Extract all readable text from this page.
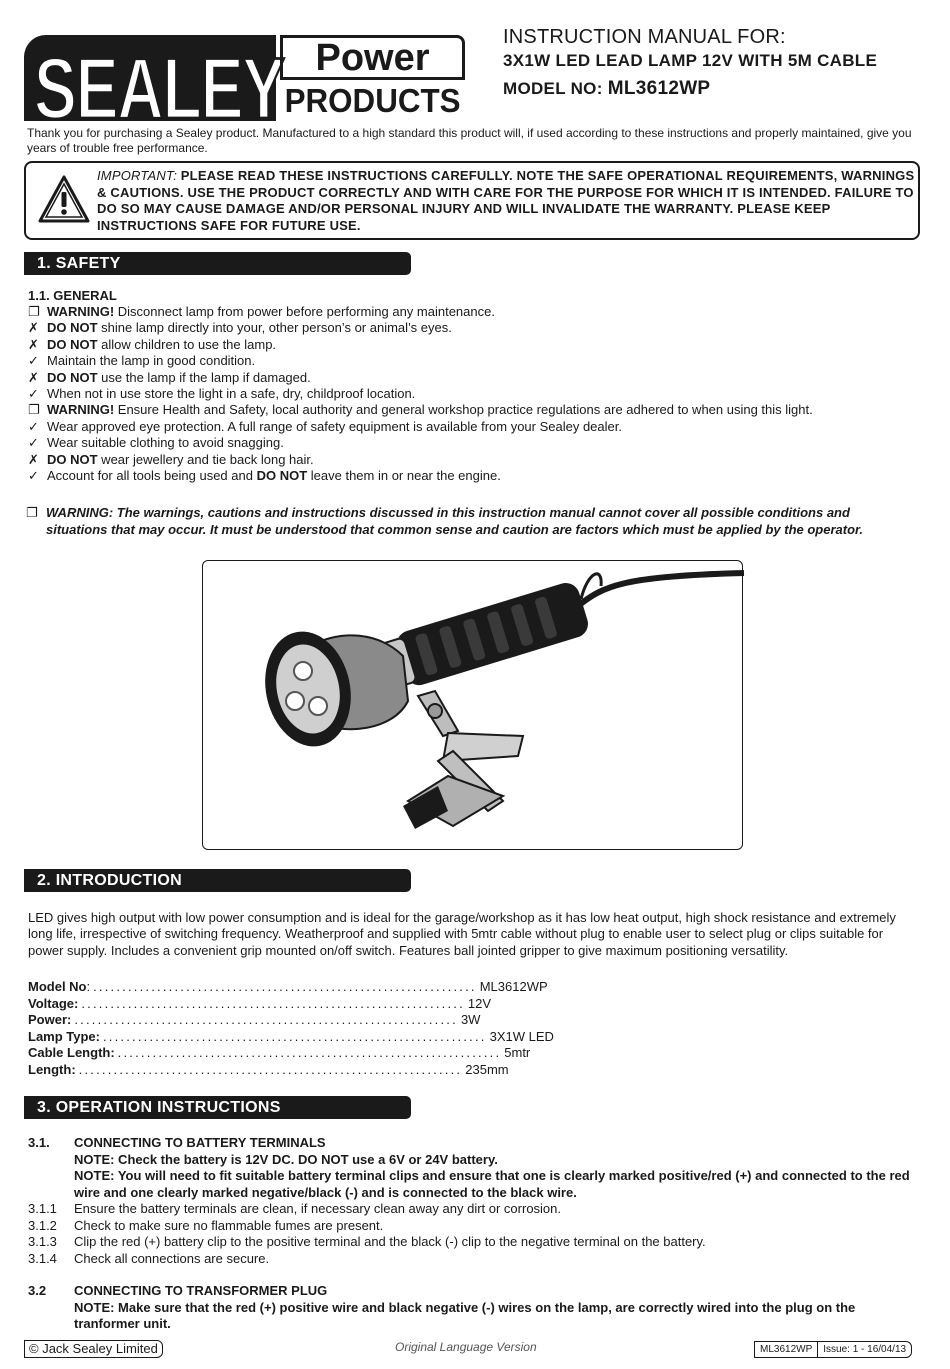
SEALEY Power
PRODUCTS
INSTRUCTION MANUAL FOR:
3X1W LED LEAD LAMP 12V WITH 5M CABLE
MODEL NO: ML3612WP
Thank you for purchasing a Sealey product. Manufactured to a high standard this product will, if used according to these instructions and properly maintained, give you years of trouble free performance.
IMPORTANT: PLEASE READ THESE INSTRUCTIONS CAREFULLY. NOTE THE SAFE OPERATIONAL REQUIREMENTS, WARNINGS & CAUTIONS. USE THE PRODUCT CORRECTLY AND WITH CARE FOR THE PURPOSE FOR WHICH IT IS INTENDED. FAILURE TO DO SO MAY CAUSE DAMAGE AND/OR PERSONAL INJURY AND WILL INVALIDATE THE WARRANTY. PLEASE KEEP INSTRUCTIONS SAFE FOR FUTURE USE.
1. SAFETY
1.1. GENERAL
❐ WARNING! Disconnect lamp from power before performing any maintenance.
✗ DO NOT shine lamp directly into your, other person’s or animal’s eyes.
✗ DO NOT allow children to use the lamp.
✓ Maintain the lamp in good condition.
✗ DO NOT use the lamp if the lamp if damaged.
✓ When not in use store the light in a safe, dry, childproof location.
❐ WARNING! Ensure Health and Safety, local authority and general workshop practice regulations are adhered to when using this light.
✓ Wear approved eye protection. A full range of safety equipment is available from your Sealey dealer.
✓ Wear suitable clothing to avoid snagging.
✗ DO NOT wear jewellery and tie back long hair.
✓ Account for all tools being used and DO NOT leave them in or near the engine.
❐ WARNING: The warnings, cautions and instructions discussed in this instruction manual cannot cover all possible conditions and
situations that may occur. It must be understood that common sense and caution are factors which must be applied by the operator.
2. INTRODUCTION
LED gives high output with low power consumption and is ideal for the garage/workshop as it has low heat output, high shock resistance and extremely long life, irrespective of switching frequency. Weatherproof and supplied with 5mtr cable without plug to enable user to select plug or clips suitable for power supply. Includes a convenient grip mounted on/off switch. Features ball jointed gripper to give maximum positioning versatility.
Model No : .................................................................. ML3612WP
Voltage: .................................................................. 12V
Power: .................................................................. 3W
Lamp Type: .................................................................. 3X1W LED
Cable Length: .................................................................. 5mtr
Length: .................................................................. 235mm
3. OPERATION INSTRUCTIONS
3.1.	CONNECTING TO BATTERY TERMINALS
NOTE: Check the battery is 12V DC. DO NOT use a 6V or 24V battery.
NOTE: You will need to fit suitable battery terminal clips and ensure that one is clearly marked positive/red (+) and connected to the red wire and one clearly marked negative/black (-) and is connected to the black wire.
3.1.1	Ensure the battery terminals are clean, if necessary clean away any dirt or corrosion.
3.1.2	Check to make sure no flammable fumes are present.
3.1.3	Clip the red (+) battery clip to the positive terminal and the black (-) clip to the negative terminal on the battery.
3.1.4	Check all connections are secure.
3.2	CONNECTING TO TRANSFORMER PLUG
NOTE: Make sure that the red (+) positive wire and black negative (-) wires on the lamp, are correctly wired into the plug on the tranformer unit.
© Jack Sealey Limited	Original Language Version	ML3612WP	Issue: 1 - 16/04/13
